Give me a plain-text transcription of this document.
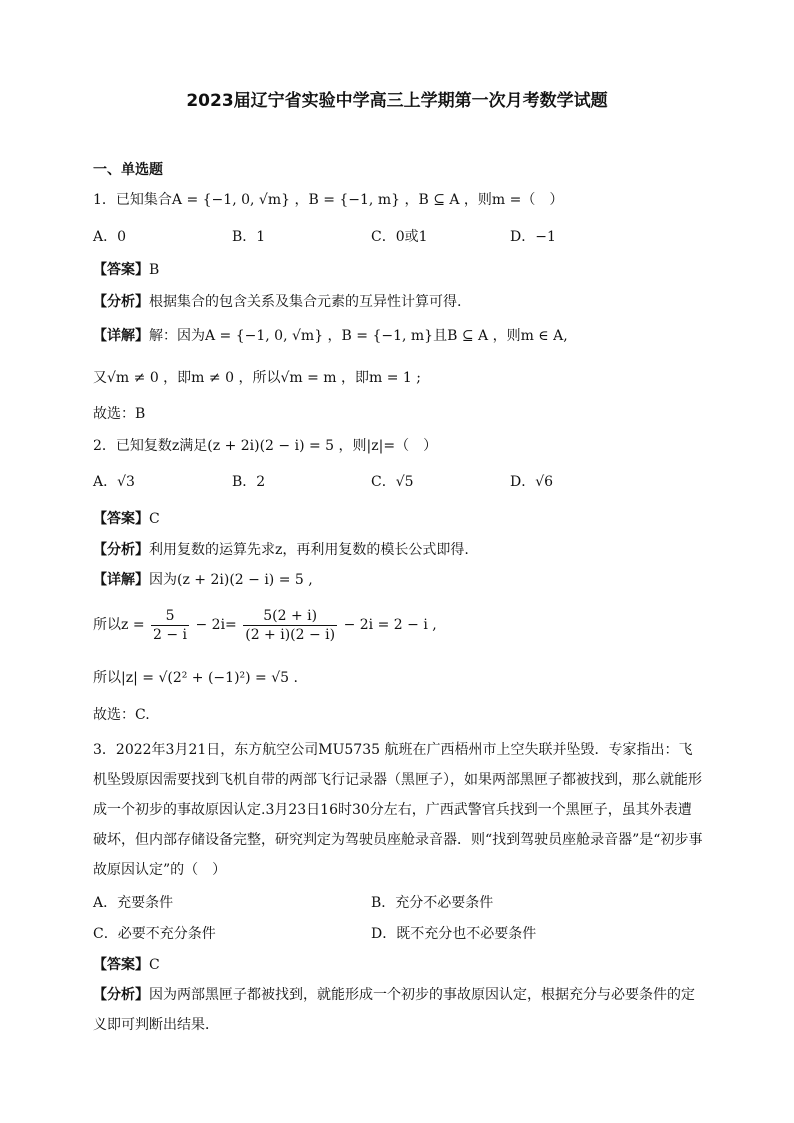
2023届辽宁省实验中学高三上学期第一次月考数学试题
一、单选题
1．已知集合A = {−1, 0, √m} ，B = {−1, m} ，B ⊆ A ，则m =（　）
A．0	B．1	C．0或1	D．−1
【答案】B
【分析】根据集合的包含关系及集合元素的互异性计算可得.
【详解】解：因为A = {−1, 0, √m} ，B = {−1, m}且B ⊆ A ，则m ∈ A,
又√m ≠ 0 ，即m ≠ 0 ，所以√m = m ，即m = 1 ;
故选：B
2．已知复数z满足(z + 2i)(2 − i) = 5 ，则|z|=（　）
A．√3	B．2	C．√5	D．√6
【答案】C
【分析】利用复数的运算先求z，再利用复数的模长公式即得.
【详解】因为(z + 2i)(2 − i) = 5 ,
所以$z = \frac{5}{2 - i} - 2i= \frac{5(2 + i)}{(2 + i)(2 - i)} - 2i = 2 - i$ ,
所以|z| = √(2² + (−1)²) = √5 .
故选：C.
3．2022年3月21日，东方航空公司MU5735 航班在广西梧州市上空失联并坠毁．专家指出：飞机坠毁原因需要找到飞机自带的两部飞行记录器（黑匣子），如果两部黑匣子都被找到，那么就能形成一个初步的事故原因认定.3月23日16时30分左右，广西武警官兵找到一个黑匣子，虽其外表遭破坏，但内部存储设备完整，研究判定为驾驶员座舱录音器．则“找到驾驶员座舱录音器”是“初步事故原因认定”的（　）
A．充要条件	B．充分不必要条件
C．必要不充分条件	D．既不充分也不必要条件
【答案】C
【分析】因为两部黑匣子都被找到，就能形成一个初步的事故原因认定，根据充分与必要条件的定义即可判断出结果．
